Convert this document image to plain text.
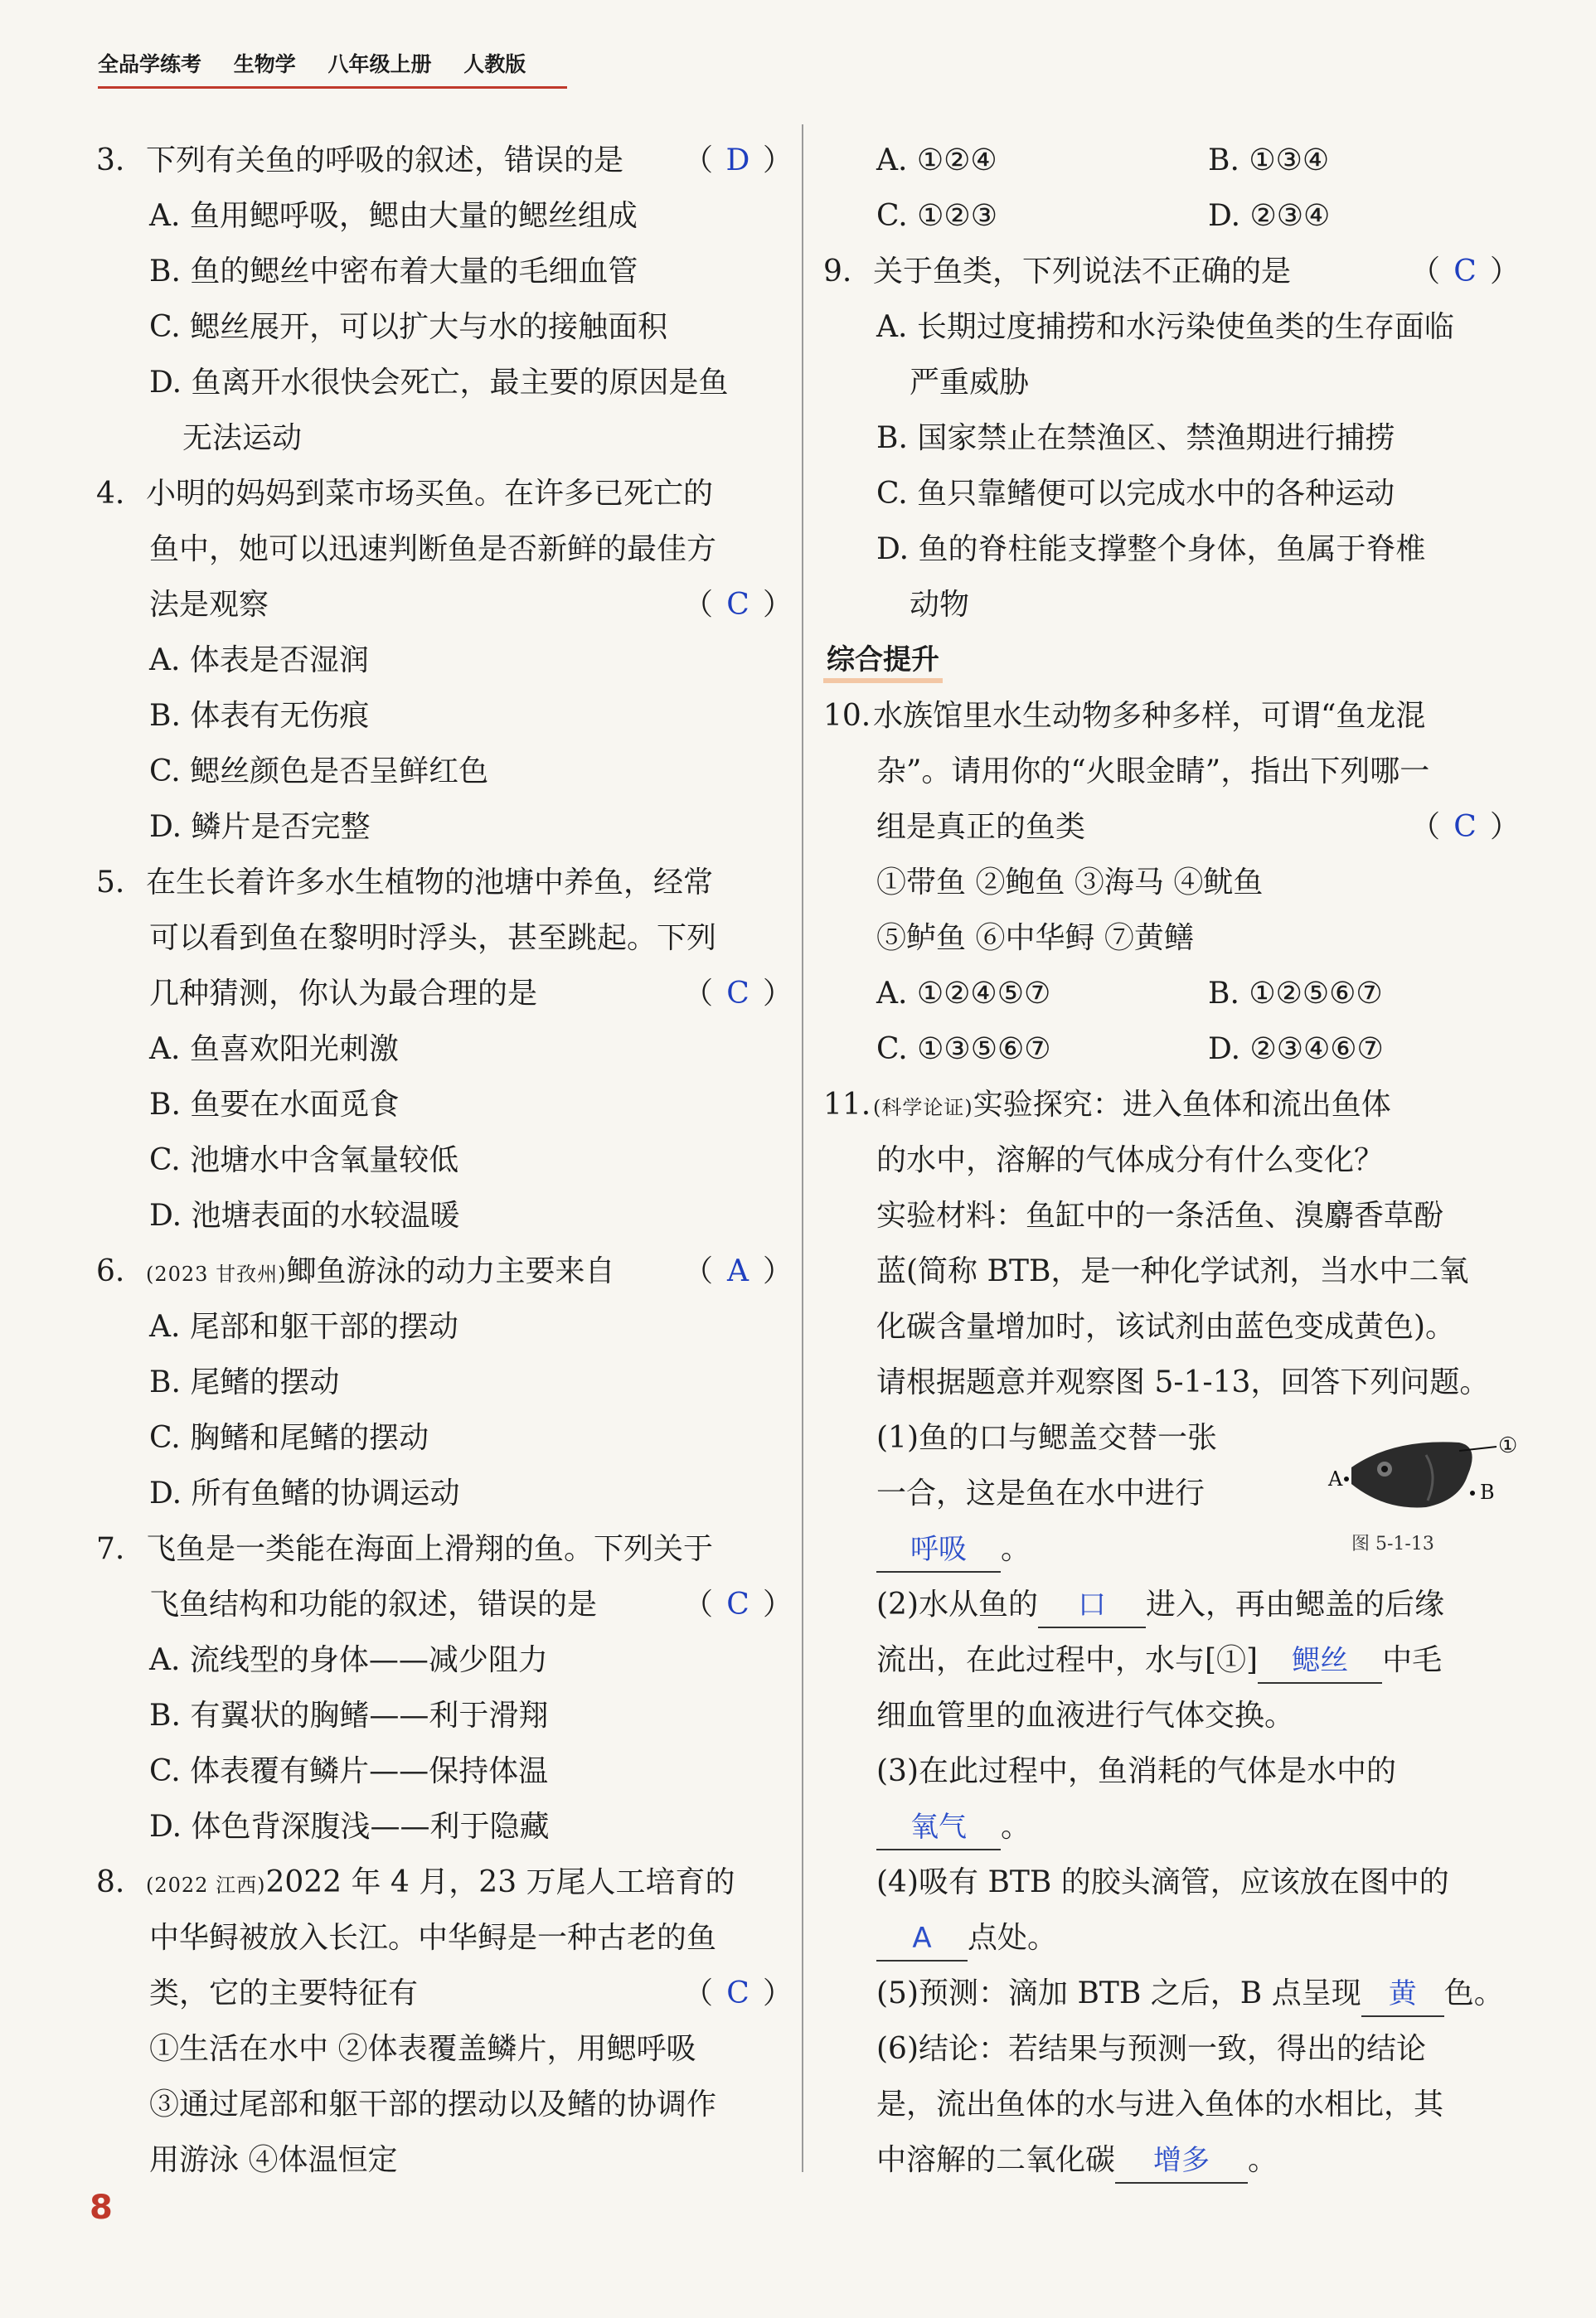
全品学练考 生物学 八年级上册 人教版
3. 下列有关鱼的呼吸的叙述，错误的是 （ D ）
A. 鱼用鳃呼吸，鳃由大量的鳃丝组成
B. 鱼的鳃丝中密布着大量的毛细血管
C. 鳃丝展开，可以扩大与水的接触面积
D. 鱼离开水很快会死亡，最主要的原因是鱼
无法运动
4. 小明的妈妈到菜市场买鱼。在许多已死亡的
鱼中，她可以迅速判断鱼是否新鲜的最佳方
法是观察	（ C ）
A. 体表是否湿润
B. 体表有无伤痕
C. 鳃丝颜色是否呈鲜红色
D. 鳞片是否完整
5. 在生长着许多水生植物的池塘中养鱼，经常
可以看到鱼在黎明时浮头，甚至跳起。下列
几种猜测，你认为最合理的是	（ C ）
A. 鱼喜欢阳光刺激
B. 鱼要在水面觅食
C. 池塘水中含氧量较低
D. 池塘表面的水较温暖
6. (2023 甘孜州)鲫鱼游泳的动力主要来自 （ A ）
A. 尾部和躯干部的摆动
B. 尾鳍的摆动
C. 胸鳍和尾鳍的摆动
D. 所有鱼鳍的协调运动
7. 飞鱼是一类能在海面上滑翔的鱼。下列关于
飞鱼结构和功能的叙述，错误的是	（ C ）
A. 流线型的身体——减少阻力
B. 有翼状的胸鳍——利于滑翔
C. 体表覆有鳞片——保持体温
D. 体色背深腹浅——利于隐藏
8. (2022 江西)2022 年 4 月，23 万尾人工培育的
中华鲟被放入长江。中华鲟是一种古老的鱼
类，它的主要特征有	（ C ）
①生活在水中 ②体表覆盖鳞片，用鳃呼吸
③通过尾部和躯干部的摆动以及鳍的协调作
用游泳 ④体温恒定
A. ①②④	B. ①③④
C. ①②③	D. ②③④
9. 关于鱼类，下列说法不正确的是	（ C ）
A. 长期过度捕捞和水污染使鱼类的生存面临
严重威胁
B. 国家禁止在禁渔区、禁渔期进行捕捞
C. 鱼只靠鳍便可以完成水中的各种运动
D. 鱼的脊柱能支撑整个身体，鱼属于脊椎
动物
综合提升
10.水族馆里水生动物多种多样，可谓“鱼龙混
杂”。请用你的“火眼金睛”，指出下列哪一
组是真正的鱼类	（ C ）
①带鱼 ②鲍鱼 ③海马 ④鱿鱼
⑤鲈鱼 ⑥中华鲟 ⑦黄鳝
A. ①②④⑤⑦	B. ①②⑤⑥⑦
C. ①③⑤⑥⑦	D. ②③④⑥⑦
11. (科学论证)实验探究：进入鱼体和流出鱼体
的水中，溶解的气体成分有什么变化？
实验材料：鱼缸中的一条活鱼、溴麝香草酚
蓝(简称 BTB，是一种化学试剂，当水中二氧
化碳含量增加时，该试剂由蓝色变成黄色)。
请根据题意并观察图 5-1-13，回答下列问题。
(1)鱼的口与鳃盖交替一张
一合，这是鱼在水中进行
呼吸 。
(2)水从鱼的 口 进入，再由鳃盖的后缘
流出，在此过程中，水与[①] 鳃丝 中毛
细血管里的血液进行气体交换。
(3)在此过程中，鱼消耗的气体是水中的
氧气 。
(4)吸有 BTB 的胶头滴管，应该放在图中的
A 点处。
(5)预测：滴加 BTB 之后，B 点呈现 黄 色。
(6)结论：若结果与预测一致，得出的结论
是，流出鱼体的水与进入鱼体的水相比，其
中溶解的二氧化碳 增多 。
①
A
B
图 5-1-13
8
